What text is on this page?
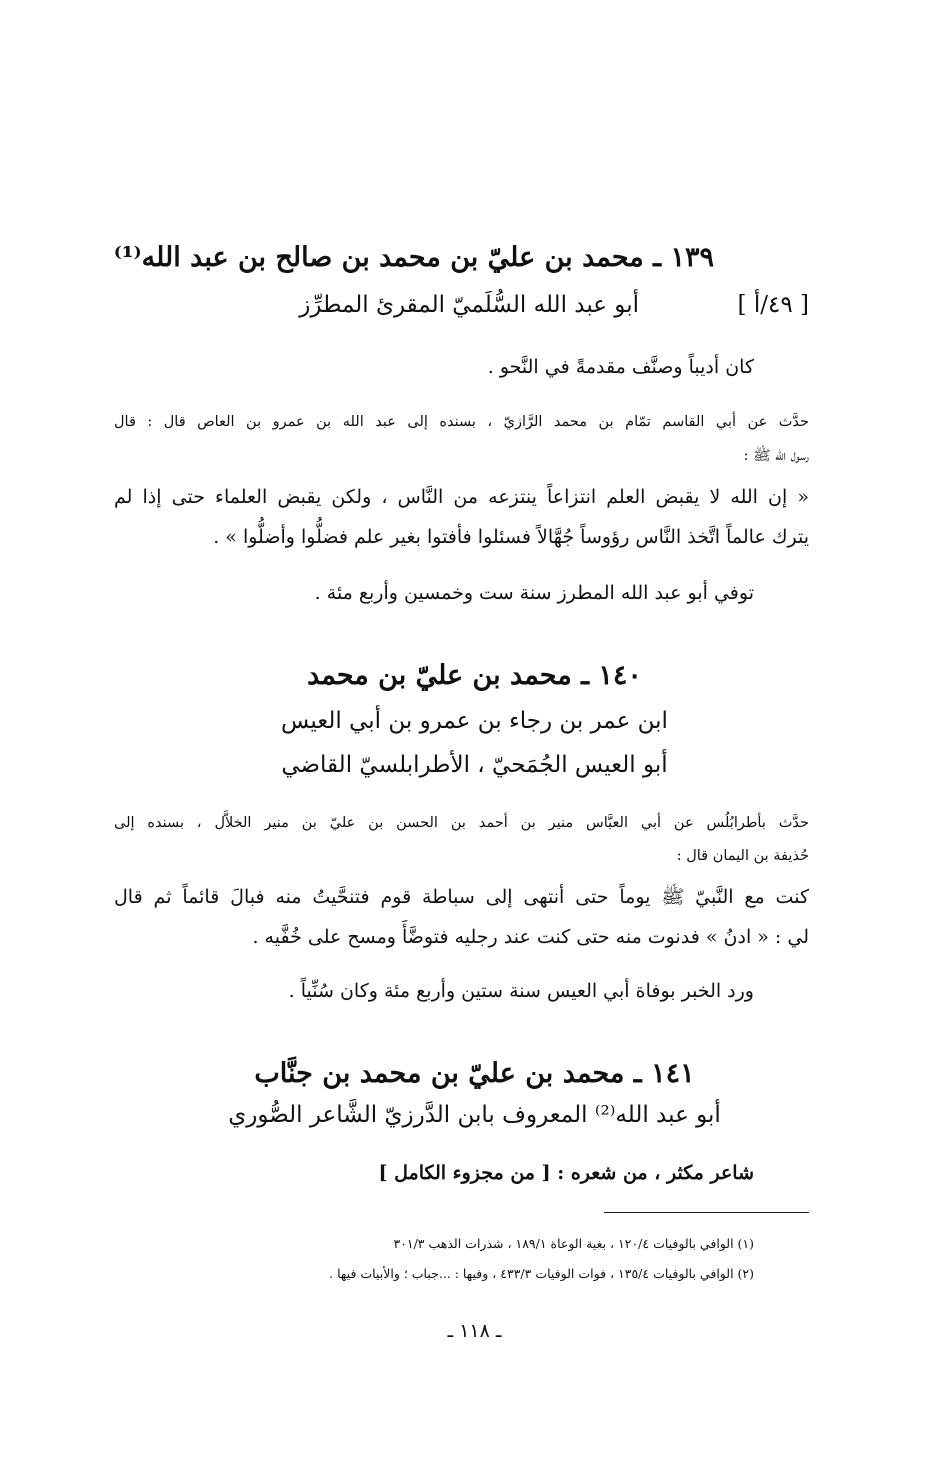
١٣٩ ـ محمد بن عليّ بن محمد بن صالح بن عبد الله⁽¹⁾
أبو عبد الله السُّلَميّ المقرئ المطرِّز	[ ٤٩/أ ]
كان أديباً وصنَّف مقدمةً في النَّحو .
حدَّث عن أبي القاسم تمّام بن محمد الرَّازيّ ، بسنده إلى عبد الله بن عمرو بن العاص قال : قال
رسول الله ﷺ :
« إن الله لا يقبض العلم انتزاعاً ينتزعه من النَّاس ، ولكن يقبض العلماء حتى إذا لم
يترك عالماً اتَّخذ النَّاس رؤوساً جُهَّالاً فسئلوا فأفتوا بغير علم فضلُّوا وأضلُّوا » .
توفي أبو عبد الله المطرز سنة ست وخمسين وأربع مئة .
١٤٠ ـ محمد بن عليّ بن محمد
ابن عمر بن رجاء بن عمرو بن أبي العيس
أبو العيس الجُمَحيّ ، الأطرابلسيّ القاضي
حدَّث بأطرابُلُس عن أبي العبَّاس منير بن أحمد بن الحسن بن عليّ بن منير الخلاَّل ، بسنده إلى
حُذيفة بن اليمان قال :
كنت مع النَّبيّ ﷺ يوماً حتى أنتهى إلى سباطة قوم فتنحَّيتُ منه فبالَ قائماً ثم قال
لي : « ادنُ » فدنوت منه حتى كنت عند رجليه فتوضَّأَ ومسح على خُفَّيه .
ورد الخبر بوفاة أبي العيس سنة ستين وأربع مئة وكان سُنِّياً .
١٤١ ـ محمد بن عليّ بن محمد بن جنَّاب
أبو عبد الله⁽²⁾ المعروف بابن الدَّرزيّ الشَّاعر الصُّوري
شاعر مكثر ، من شعره : [ من مجزوء الكامل ]
(١) الوافي بالوفيات ١٢٠/٤ ، بغية الوعاة ١٨٩/١ ، شذرات الذهب ٣٠١/٣
(٢) الوافي بالوفيات ١٣٥/٤ ، فوات الوفيات ٤٣٣/٣ ، وفيها : ...جباب ؛ والأبيات فيها .
ـ ١١٨ ـ
